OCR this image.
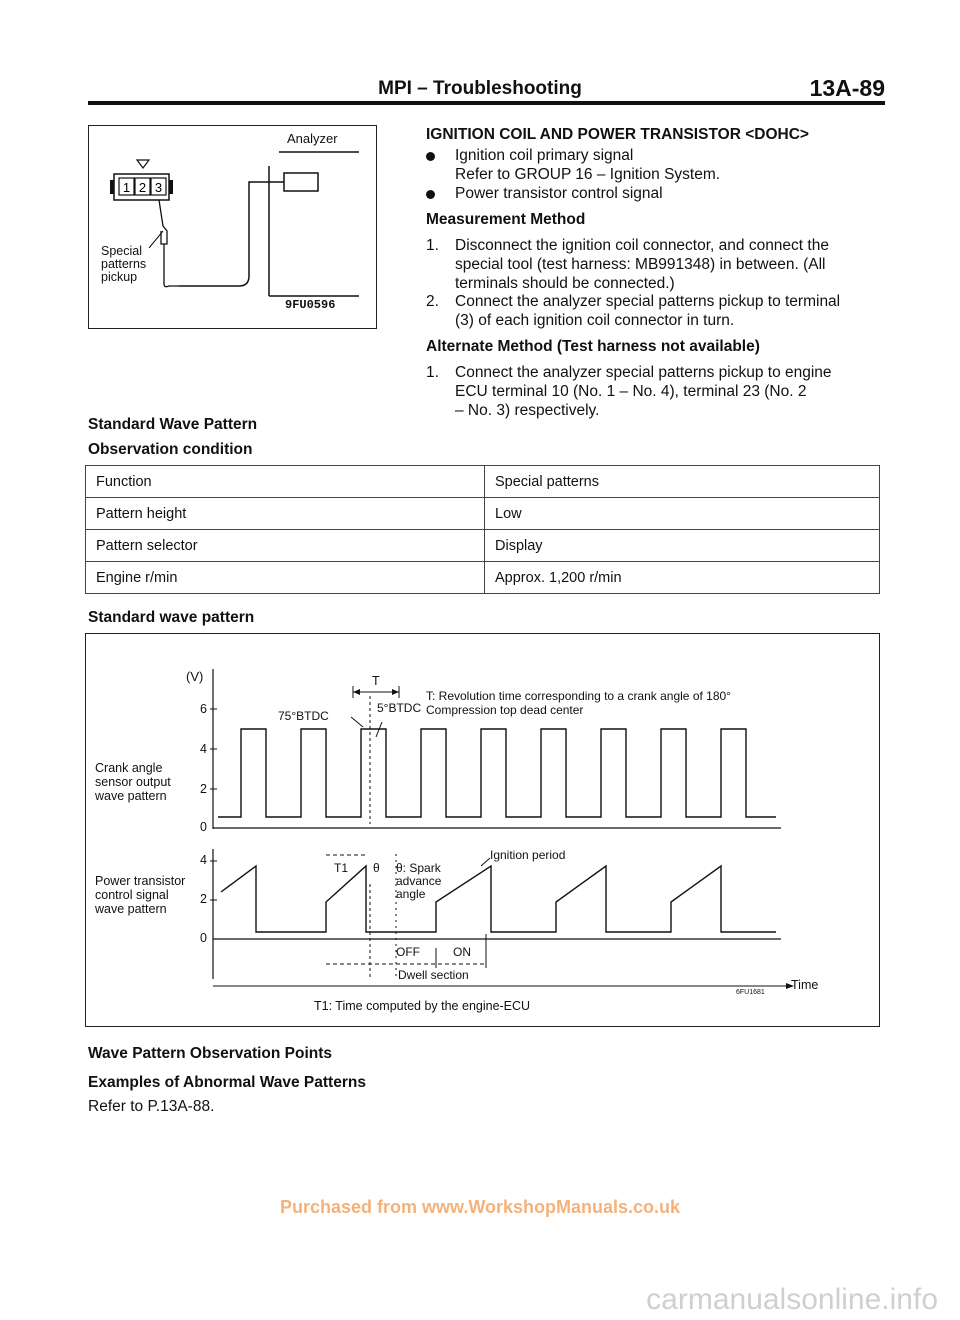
MPI – Troubleshooting	13A-89
1 2 3
Analyzer
Special
patterns
pickup
9FU0596
IGNITION COIL AND POWER TRANSISTOR <DOHC>
Ignition coil primary signal
Refer to GROUP 16 – Ignition System.
Power transistor control signal
Measurement Method
1. Disconnect the ignition coil connector, and connect the
special tool (test harness: MB991348) in between. (All
terminals should be connected.)
2. Connect the analyzer special patterns pickup to terminal
(3) of each ignition coil connector in turn.
Alternate Method (Test harness not available)
1. Connect the analyzer special patterns pickup to engine
ECU terminal 10 (No. 1 – No. 4), terminal 23 (No. 2
– No. 3) respectively.
Standard Wave Pattern
Observation condition
Function	Special patterns
Pattern height	Low
Pattern selector	Display
Engine r/min	Approx. 1,200 r/min
Standard wave pattern
(V)
6
4
2
0
4
2
0
Crank angle
sensor output
wave pattern
Power transistor
control signal
wave pattern
T
T: Revolution time corresponding to a crank angle of 180°
Compression top dead center
75°BTDC
5°BTDC
T1 θ θ: Spark
advance
angle
Ignition period
OFF	ON
Dwell section
Time
6FU1681
T1: Time computed by the engine-ECU
Wave Pattern Observation Points
Examples of Abnormal Wave Patterns
Refer to P.13A-88.
Purchased from www.WorkshopManuals.co.uk
carmanualsonline.info
